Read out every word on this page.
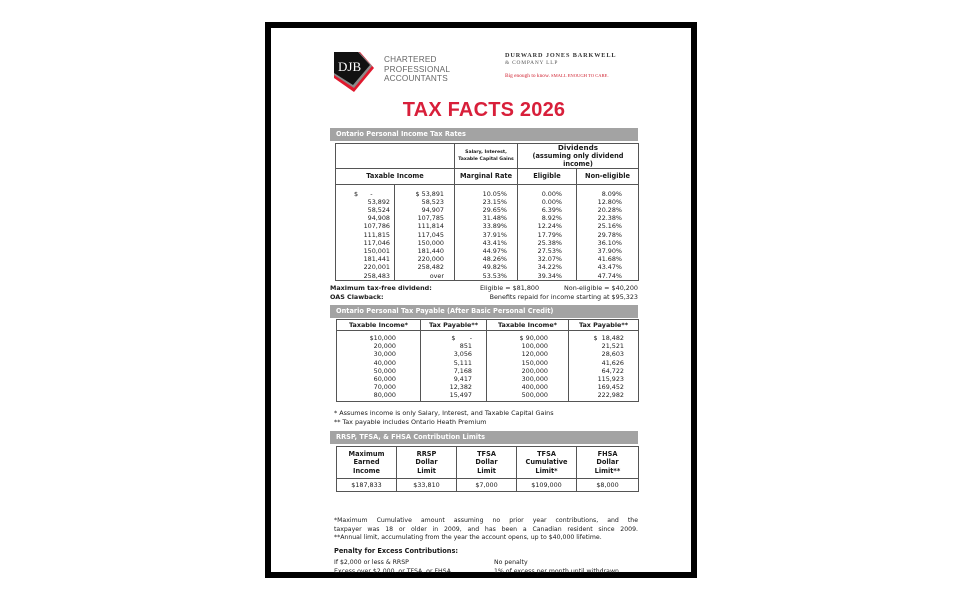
DJB	CHARTERED
PROFESSIONAL
ACCOUNTANTS
DURWARD JONES BARKWELL
& COMPANY LLP
Big enough to know. SMALL ENOUGH TO CARE.
TAX FACTS 2026
Ontario Personal Income Tax Rates

Salary, Interest,
Taxable Capital Gains

Dividends
(assuming only dividend income)

Taxable Income		Marginal Rate	Eligible	Non-eligible

$      -	$ 53,891	10.05%	0.00%	8.09%
53,892	58,523	23.15%	0.00%	12.80%
58,524	94,907	29.65%	6.39%	20.28%
94,908	107,785	31.48%	8.92%	22.38%
107,786	111,814	33.89%	12.24%	25.16%
111,815	117,045	37.91%	17.79%	29.78%
117,046	150,000	43.41%	25.38%	36.10%
150,001	181,440	44.97%	27.53%	37.90%
181,441	220,000	48.26%	32.07%	41.68%
220,001	258,482	49.82%	34.22%	43.47%
258,483	over	53.53%	39.34%	47.74%
Maximum tax-free dividend:	Eligible = $81,800	Non-eligible = $40,200
OAS Clawback:	Benefits repaid for income starting at $95,323
Ontario Personal Tax Payable (After Basic Personal Credit)
Taxable Income*	Tax Payable**	Taxable Income*	Tax Payable**
$10,000	$       -	$ 90,000	$  18,482
20,000	851	100,000	21,521
30,000	3,056	120,000	28,603
40,000	5,111	150,000	41,626
50,000	7,168	200,000	64,722
60,000	9,417	300,000	115,923
70,000	12,382	400,000	169,452
80,000	15,497	500,000	222,982
* Assumes income is only Salary, Interest, and Taxable Capital Gains
** Tax payable includes Ontario Heath Premium
RRSP, TFSA, & FHSA Contribution Limits
Maximum
Earned
Income

RRSP
Dollar
Limit

TFSA
Dollar
Limit

TFSA
Cumulative
Limit*

FHSA
Dollar
Limit**

$187,833	$33,810	$7,000	$109,000	$8,000

*Maximum Cumulative amount assuming no prior year contributions, and the

taxpayer was 18 or older in 2009, and has been a Canadian resident since 2009.

**Annual limit, accumulating from the year the account opens, up to $40,000 lifetime.

Penalty for Excess Contributions:
If $2,000 or less & RRSP	No penalty
Excess over $2,000, or TFSA, or FHSA	1% of excess per month until withdrawn
